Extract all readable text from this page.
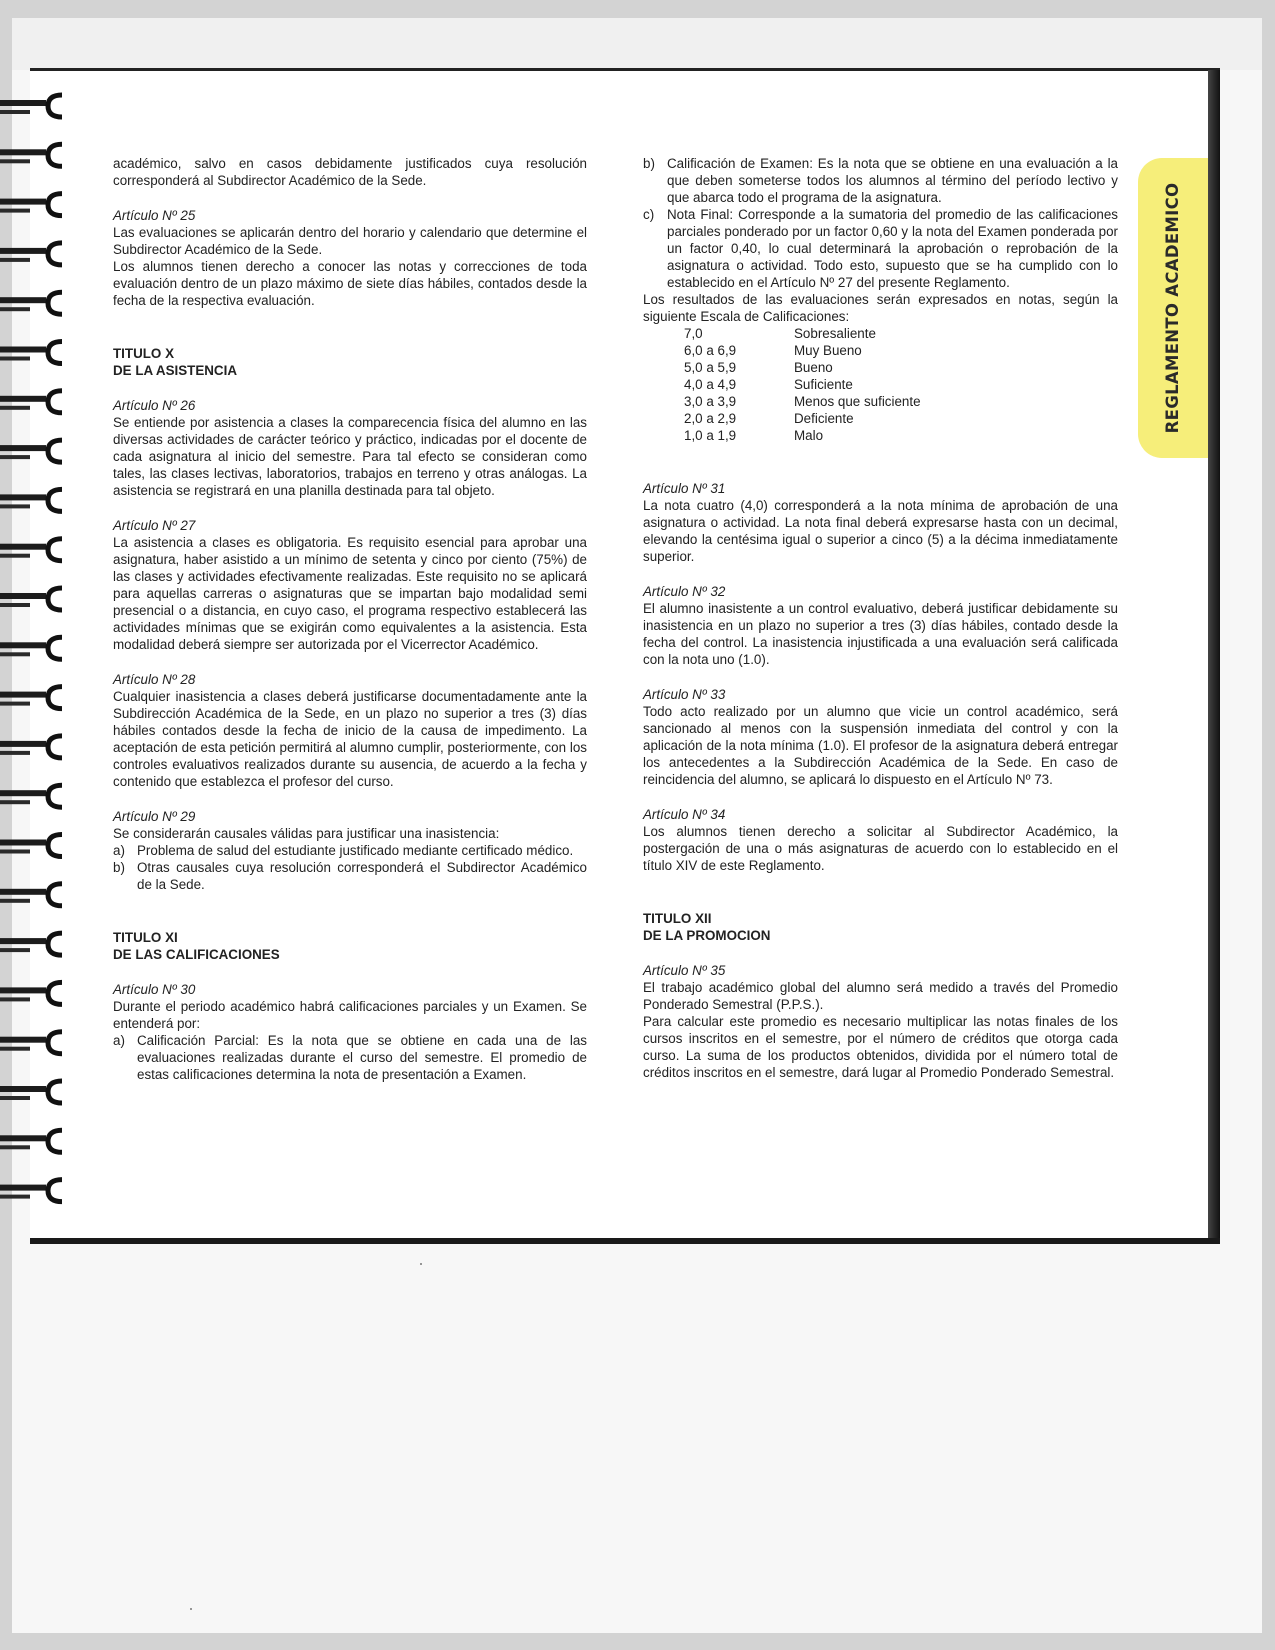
REGLAMENTO ACADEMICO

académico, salvo en casos debidamente justificados cuya resolución corresponderá al Subdirector Académico de la Sede.

Artículo Nº 25

Las evaluaciones se aplicarán dentro del horario y calendario que determine el Subdirector Académico de la Sede.

Los alumnos tienen derecho a conocer las notas y correcciones de toda evaluación dentro de un plazo máximo de siete días hábiles, contados desde la fecha de la respectiva evaluación.

TITULO X
DE LA ASISTENCIA

Artículo Nº 26

Se entiende por asistencia a clases la comparecencia física del alumno en las diversas actividades de carácter teórico y práctico, indicadas por el docente de cada asignatura al inicio del semestre. Para tal efecto se consideran como tales, las clases lectivas, laboratorios, trabajos en terreno y otras análogas. La asistencia se registrará en una planilla destinada para tal objeto.

Artículo Nº 27

La asistencia a clases es obligatoria. Es requisito esencial para aprobar una asignatura, haber asistido a un mínimo de setenta y cinco por ciento (75%) de las clases y actividades efectivamente realizadas. Este requisito no se aplicará para aquellas carreras o asignaturas que se impartan bajo modalidad semi presencial o a distancia, en cuyo caso, el programa respectivo establecerá las actividades mínimas que se exigirán como equivalentes a la asistencia. Esta modalidad deberá siempre ser autorizada por el Vicerrector Académico.

Artículo Nº 28

Cualquier inasistencia a clases deberá justificarse documentadamente ante la Subdirección Académica de la Sede, en un plazo no superior a tres (3) días hábiles contados desde la fecha de inicio de la causa de impedimento. La aceptación de esta petición permitirá al alumno cumplir, posteriormente, con los controles evaluativos realizados durante su ausencia, de acuerdo a la fecha y contenido que establezca el profesor del curso.

Artículo Nº 29

Se considerarán causales válidas para justificar una inasistencia:

a) Problema de salud del estudiante justificado mediante certificado médico.
b) Otras causales cuya resolución corresponderá el Subdirector Académico de la Sede.
TITULO XI
DE LAS CALIFICACIONES

Artículo Nº 30

Durante el periodo académico habrá calificaciones parciales y un Examen. Se entenderá por:

a) Calificación Parcial: Es la nota que se obtiene en cada una de las evaluaciones realizadas durante el curso del semestre. El promedio de estas calificaciones determina la nota de presentación a Examen.
b) Calificación de Examen: Es la nota que se obtiene en una evaluación a la que deben someterse todos los alumnos al término del período lectivo y que abarca todo el programa de la asignatura.
c) Nota Final: Corresponde a la sumatoria del promedio de las calificaciones parciales ponderado por un factor 0,60 y la nota del Examen ponderada por un factor 0,40, lo cual determinará la aprobación o reprobación de la asignatura o actividad. Todo esto, supuesto que se ha cumplido con lo establecido en el Artículo Nº 27 del presente Reglamento.

Los resultados de las evaluaciones serán expresados en notas, según la siguiente Escala de Calificaciones:

7,0	Sobresaliente
6,0 a 6,9	Muy Bueno
5,0 a 5,9	Bueno
4,0 a 4,9	Suficiente
3,0 a 3,9	Menos que suficiente
2,0 a 2,9	Deficiente
1,0 a 1,9	Malo

Artículo Nº 31

La nota cuatro (4,0) corresponderá a la nota mínima de aprobación de una asignatura o actividad. La nota final deberá expresarse hasta con un decimal, elevando la centésima igual o superior a cinco (5) a la décima inmediatamente superior.

Artículo Nº 32

El alumno inasistente a un control evaluativo, deberá justificar debidamente su inasistencia en un plazo no superior a tres (3) días hábiles, contado desde la fecha del control. La inasistencia injustificada a una evaluación será calificada con la nota uno (1.0).

Artículo Nº 33

Todo acto realizado por un alumno que vicie un control académico, será sancionado al menos con la suspensión inmediata del control y con la aplicación de la nota mínima (1.0). El profesor de la asignatura deberá entregar los antecedentes a la Subdirección Académica de la Sede. En caso de reincidencia del alumno, se aplicará lo dispuesto en el Artículo Nº 73.

Artículo Nº 34

Los alumnos tienen derecho a solicitar al Subdirector Académico, la postergación de una o más asignaturas de acuerdo con lo establecido en el título XIV de este Reglamento.

TITULO XII
DE LA PROMOCION

Artículo Nº 35

El trabajo académico global del alumno será medido a través del Promedio Ponderado Semestral (P.P.S.).

Para calcular este promedio es necesario multiplicar las notas finales de los cursos inscritos en el semestre, por el número de créditos que otorga cada curso. La suma de los productos obtenidos, dividida por el número total de créditos inscritos en el semestre, dará lugar al Promedio Ponderado Semestral.
